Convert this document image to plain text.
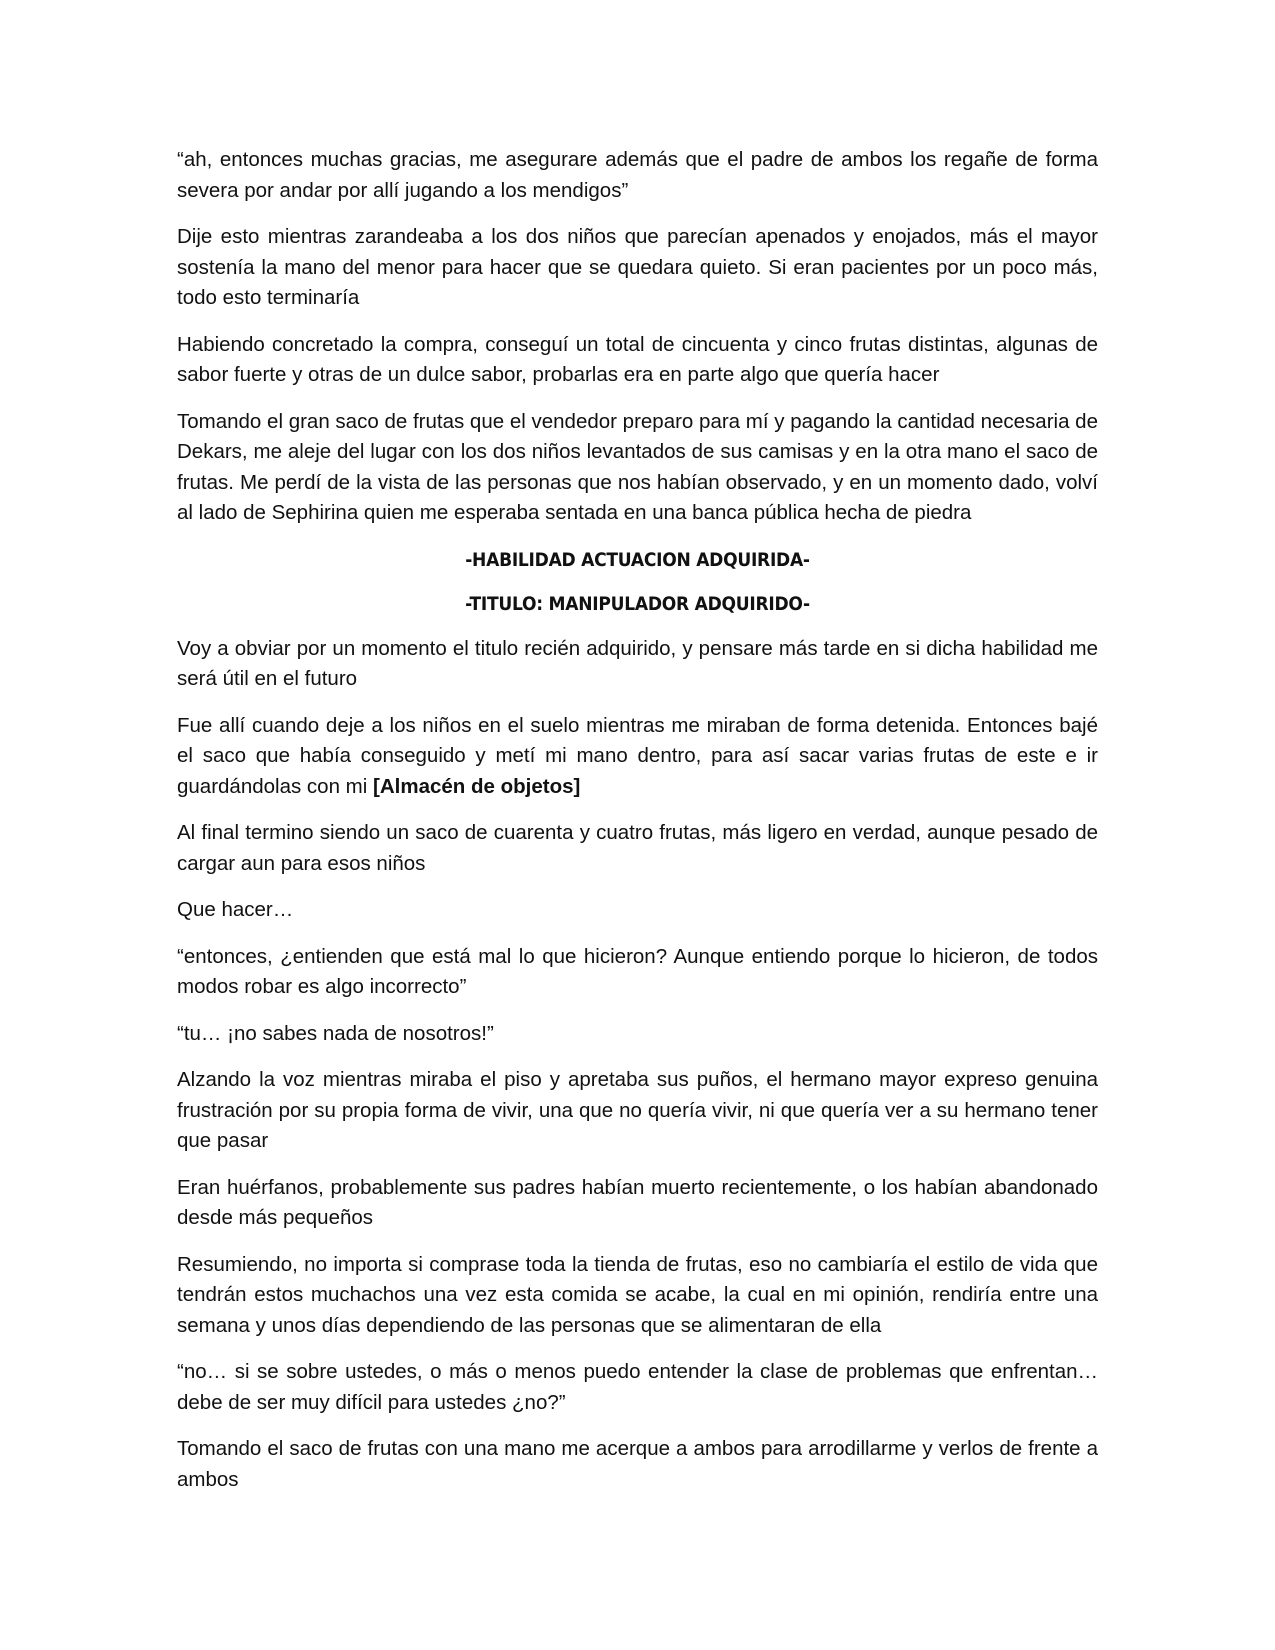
“ah, entonces muchas gracias, me asegurare además que el padre de ambos los regañe de forma severa por andar por allí jugando a los mendigos”

Dije esto mientras zarandeaba a los dos niños que parecían apenados y enojados, más el mayor sostenía la mano del menor para hacer que se quedara quieto. Si eran pacientes por un poco más, todo esto terminaría

Habiendo concretado la compra, conseguí un total de cincuenta y cinco frutas distintas, algunas de sabor fuerte y otras de un dulce sabor, probarlas era en parte algo que quería hacer

Tomando el gran saco de frutas que el vendedor preparo para mí y pagando la cantidad necesaria de Dekars, me aleje del lugar con los dos niños levantados de sus camisas y en la otra mano el saco de frutas. Me perdí de la vista de las personas que nos habían observado, y en un momento dado, volví al lado de Sephirina quien me esperaba sentada en una banca pública hecha de piedra

-HABILIDAD ACTUACION ADQUIRIDA-

-TITULO: MANIPULADOR ADQUIRIDO-

Voy a obviar por un momento el titulo recién adquirido, y pensare más tarde en si dicha habilidad me será útil en el futuro

Fue allí cuando deje a los niños en el suelo mientras me miraban de forma detenida. Entonces bajé el saco que había conseguido y metí mi mano dentro, para así sacar varias frutas de este e ir guardándolas con mi [Almacén de objetos]

Al final termino siendo un saco de cuarenta y cuatro frutas, más ligero en verdad, aunque pesado de cargar aun para esos niños

Que hacer…

“entonces, ¿entienden que está mal lo que hicieron? Aunque entiendo porque lo hicieron, de todos modos robar es algo incorrecto”

“tu… ¡no sabes nada de nosotros!”

Alzando la voz mientras miraba el piso y apretaba sus puños, el hermano mayor expreso genuina frustración por su propia forma de vivir, una que no quería vivir, ni que quería ver a su hermano tener que pasar

Eran huérfanos, probablemente sus padres habían muerto recientemente, o los habían abandonado desde más pequeños

Resumiendo, no importa si comprase toda la tienda de frutas, eso no cambiaría el estilo de vida que tendrán estos muchachos una vez esta comida se acabe, la cual en mi opinión, rendiría entre una semana y unos días dependiendo de las personas que se alimentaran de ella

“no… si se sobre ustedes, o más o menos puedo entender la clase de problemas que enfrentan… debe de ser muy difícil para ustedes ¿no?”

Tomando el saco de frutas con una mano me acerque a ambos para arrodillarme y verlos de frente a ambos
